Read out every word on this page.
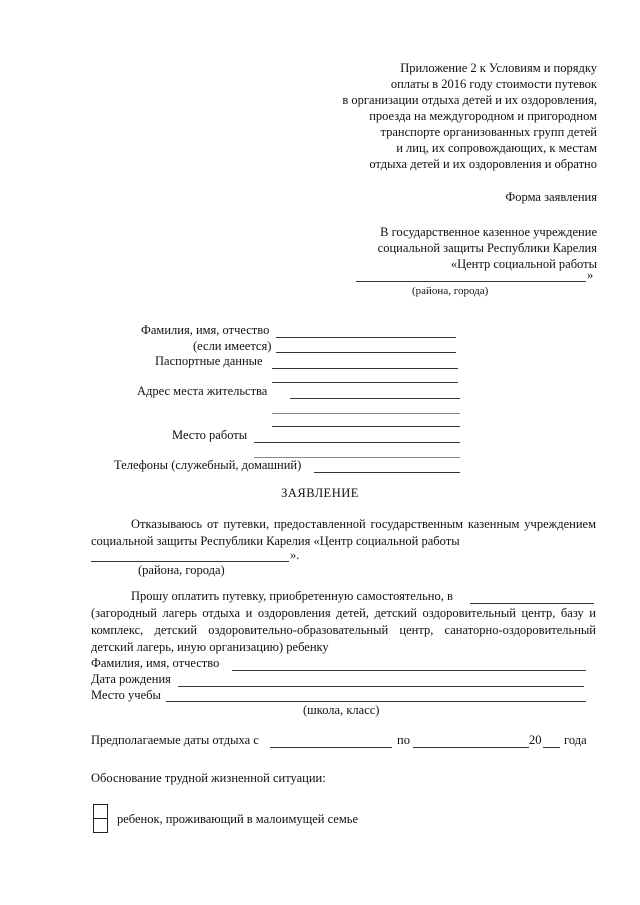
Приложение 2 к Условиям и порядку
оплаты в 2016 году стоимости путевок
в организации отдыха детей и их оздоровления,
проезда на междугородном и пригородном
транспорте организованных групп детей
и лиц, их сопровождающих, к местам
отдыха детей и их оздоровления и обратно
Форма заявления
В государственное казенное учреждение
социальной защиты Республики Карелия
«Центр социальной работы
»
(района, города)
Фамилия, имя, отчество
(если имеется)
Паспортные данные
Адрес места жительства
Место работы
Телефоны (служебный, домашний)
ЗАЯВЛЕНИЕ
Отказываюсь от путевки, предоставленной государственным казенным учреждением социальной защиты Республики Карелия «Центр социальной работы
».
(района, города)
Прошу оплатить путевку, приобретенную самостоятельно, в
(загородный лагерь отдыха и оздоровления детей, детский оздоровительный центр, базу и комплекс, детский оздоровительно-образовательный центр, санаторно-оздоровительный детский лагерь, иную организацию) ребенку
Фамилия, имя, отчество
Дата рождения
Место учебы
(школа, класс)
Предполагаемые даты отдыха с	по	20 года
Обоснование трудной жизненной ситуации:
ребенок, проживающий в малоимущей семье
